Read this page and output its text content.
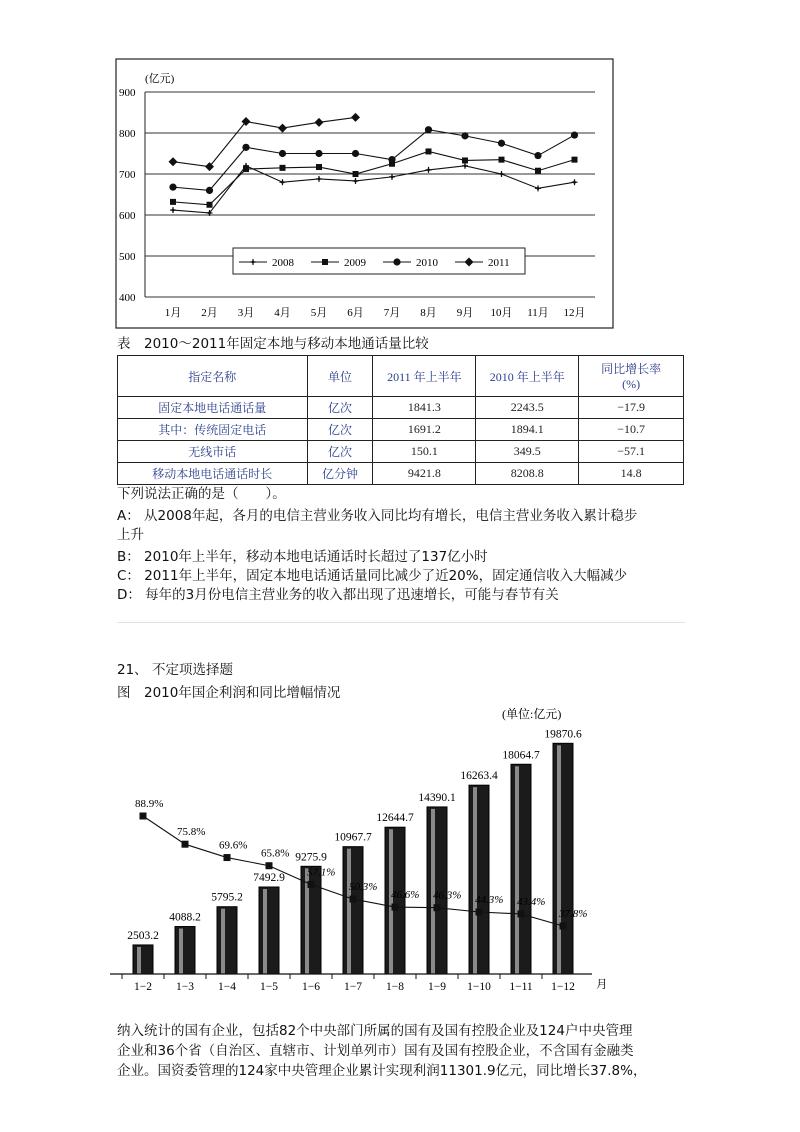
(亿元)
400
500
600
700
800
900
1月 2月 3月 4月 5月 6月 7月 8月 9月 10月 11月 12月
2008	2009	2010	2011
表　2010～2011年固定本地与移动本地通话量比较
指定名称	单位	2011 年上半年	2010 年上半年	同比增长率
(%)

固定本地电话通话量	亿次	1841.3	2243.5	−17.9
其中：传统固定电话	亿次	1691.2	1894.1	−10.7
无线市话	亿次	150.1	349.5	−57.1
移动本地电话通话时长	亿分钟	9421.8	8208.8	14.8
下列说法正确的是（　　）。
A： 从2008年起，各月的电信主营业务收入同比均有增长，电信主营业务收入累计稳步
上升
B： 2010年上半年，移动本地电话通话时长超过了137亿小时
C： 2011年上半年，固定本地电话通话量同比减少了近20%，固定通信收入大幅减少
D： 每年的3月份电信主营业务的收入都出现了迅速增长，可能与春节有关
21、 不定项选择题
图　2010年国企利润和同比增幅情况
(单位:亿元)
2503.2
4088.2
5795.2
7492.9
9275.9
10967.7
12644.7
14390.1
16263.4
18064.7
19870.6
88.9%
75.8%
69.6%
65.8%
57.1%
50.3%
46.6% 46.3% 44.3% 43.4%
37.8%
1−2 1−3 1−4 1−5 1−6 1−7 1−8 1−9 1−10 1−11 1−12 月
纳入统计的国有企业，包括82个中央部门所属的国有及国有控股企业及124户中央管理
企业和36个省（自治区、直辖市、计划单列市）国有及国有控股企业，不含国有金融类
企业。国资委管理的124家中央管理企业累计实现利润11301.9亿元，同比增长37.8%，
